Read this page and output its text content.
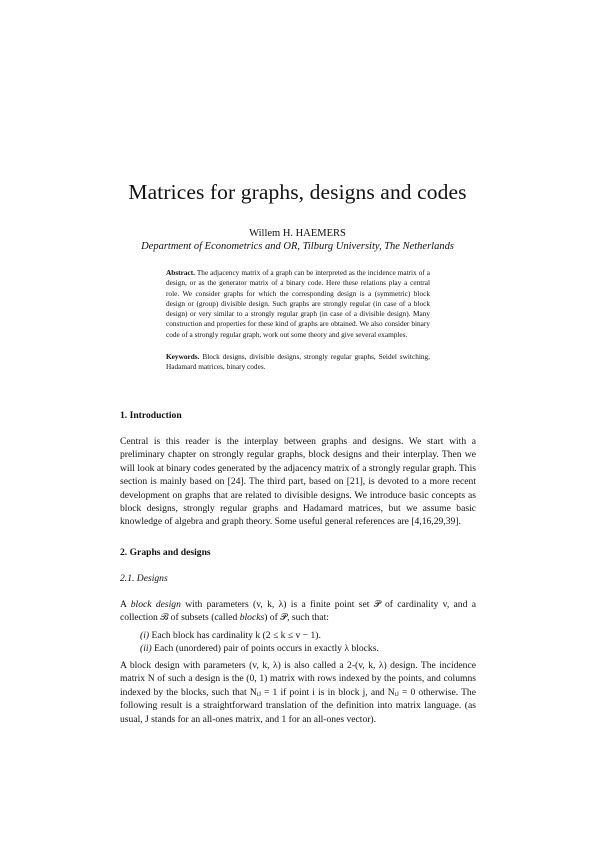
Matrices for graphs, designs and codes
Willem H. HAEMERS
Department of Econometrics and OR, Tilburg University, The Netherlands
Abstract. The adjacency matrix of a graph can be interpreted as the incidence matrix of a design, or as the generator matrix of a binary code. Here these relations play a central role. We consider graphs for which the corresponding design is a (symmetric) block design or (group) divisible design. Such graphs are strongly regular (in case of a block design) or very similar to a strongly regular graph (in case of a divisible design). Many construction and properties for these kind of graphs are obtained. We also consider binary code of a strongly regular graph, work out some theory and give several examples.
Keywords. Block designs, divisible designs, strongly regular graphs, Seidel switching, Hadamard matrices, binary codes.
1. Introduction
Central is this reader is the interplay between graphs and designs. We start with a preliminary chapter on strongly regular graphs, block designs and their interplay. Then we will look at binary codes generated by the adjacency matrix of a strongly regular graph. This section is mainly based on [24]. The third part, based on [21], is devoted to a more recent development on graphs that are related to divisible designs. We introduce basic concepts as block designs, strongly regular graphs and Hadamard matrices, but we assume basic knowledge of algebra and graph theory. Some useful general references are [4,16,29,39].
2. Graphs and designs
2.1. Designs
A block design with parameters (v, k, λ) is a finite point set 𝒫 of cardinality v, and a collection ℬ of subsets (called blocks) of 𝒫, such that:
(i) Each block has cardinality k (2 ≤ k ≤ v − 1).
(ii) Each (unordered) pair of points occurs in exactly λ blocks.
A block design with parameters (v, k, λ) is also called a 2-(v, k, λ) design. The incidence matrix N of such a design is the (0, 1) matrix with rows indexed by the points, and columns indexed by the blocks, such that Nᵢⱼ = 1 if point i is in block j, and Nᵢⱼ = 0 otherwise. The following result is a straightforward translation of the definition into matrix language. (as usual, J stands for an all-ones matrix, and 1 for an all-ones vector).
